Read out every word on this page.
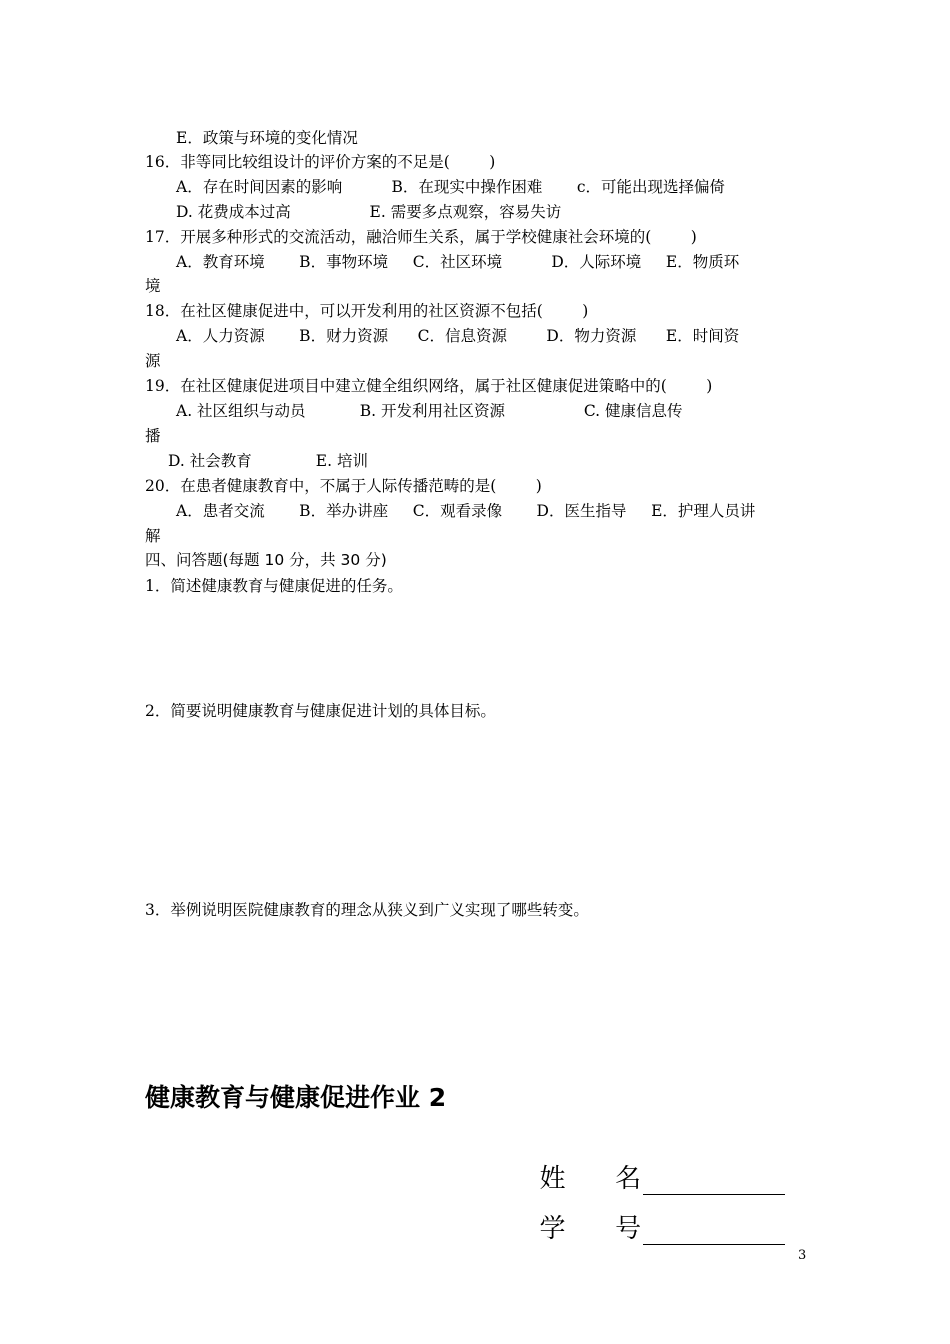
E．政策与环境的变化情况
16．非等同比较组设计的评价方案的不足是(        )
A．存在时间因素的影响          B．在现实中操作困难       c．可能出现选择偏倚
D. 花费成本过高                E. 需要多点观察，容易失访
17．开展多种形式的交流活动，融洽师生关系，属于学校健康社会环境的(        )
A．教育环境       B．事物环境     C．社区环境          D．人际环境     E．物质环
境
18．在社区健康促进中，可以开发利用的社区资源不包括(        )
A．人力资源       B．财力资源      C．信息资源        D．物力资源      E．时间资
源
19．在社区健康促进项目中建立健全组织网络，属于社区健康促进策略中的(        )
A. 社区组织与动员           B. 开发利用社区资源                C. 健康信息传
播
D. 社会教育             E. 培训
20．在患者健康教育中，不属于人际传播范畴的是(        )
A．患者交流       B．举办讲座     C．观看录像       D．医生指导     E．护理人员讲
解
四、问答题(每题 10 分，共 30 分)
1．简述健康教育与健康促进的任务。
2．简要说明健康教育与健康促进计划的具体目标。
3．举例说明医院健康教育的理念从狭义到广义实现了哪些转变。
健康教育与健康促进作业 2

姓      名

学      号

3
